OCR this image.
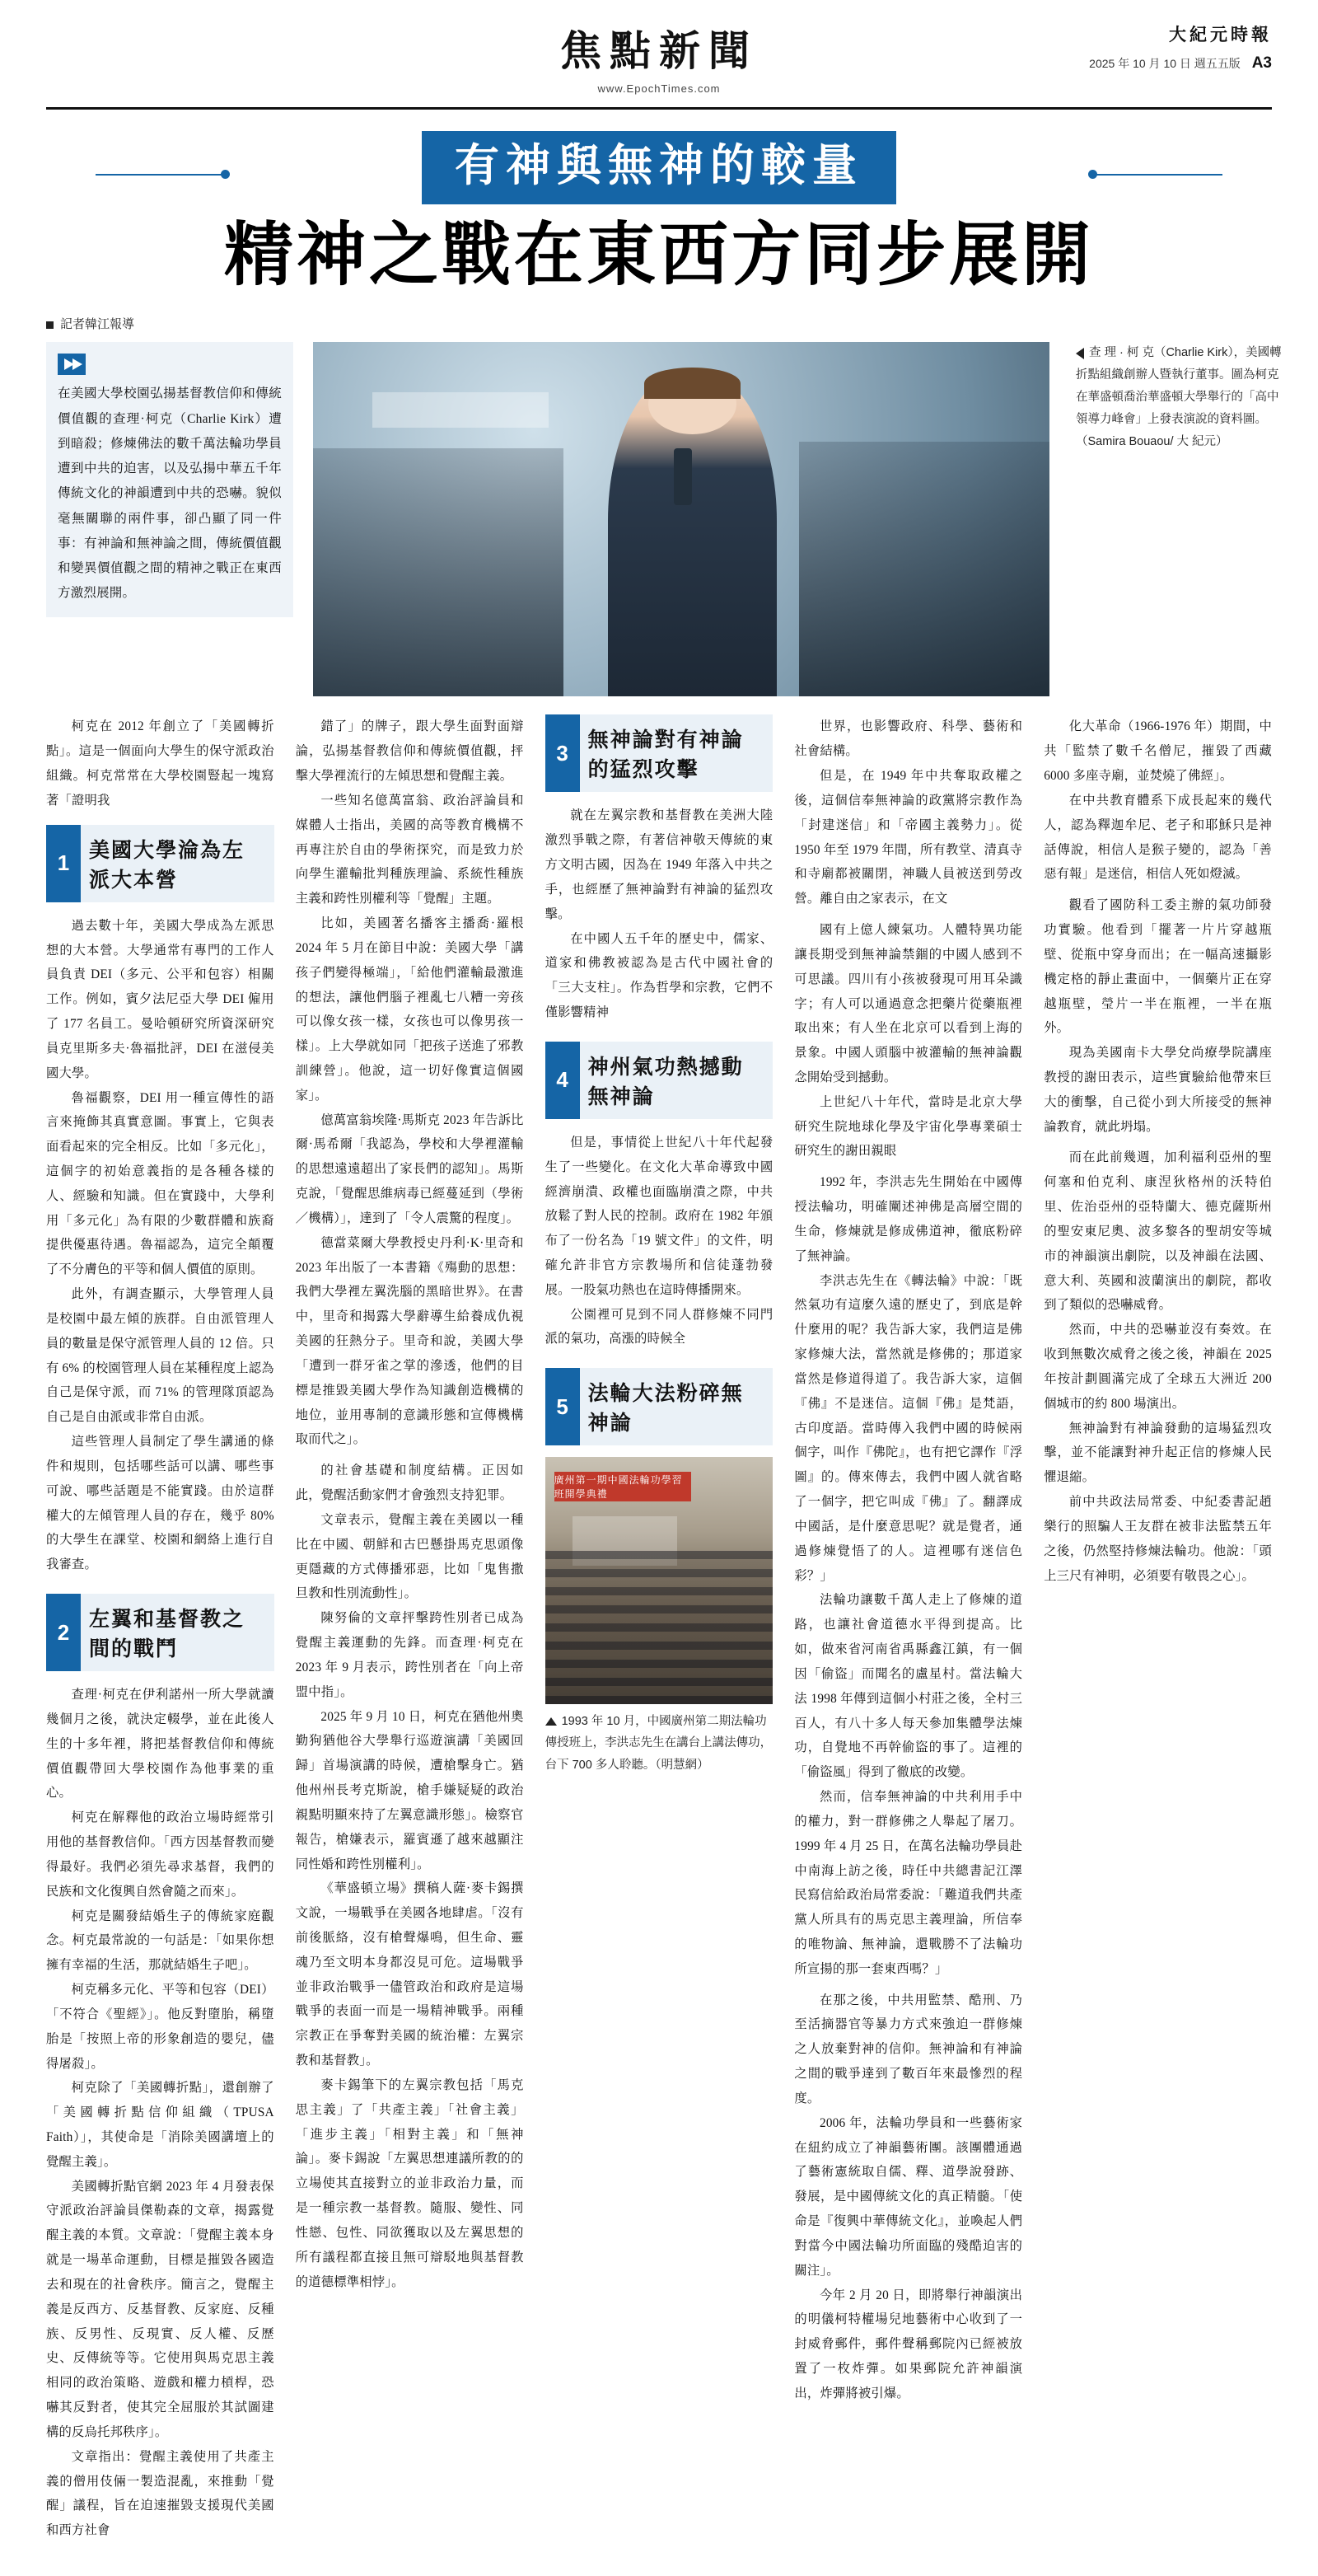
焦點新聞
www.EpochTimes.com
大紀元時報
2025 年 10 月 10 日 週五五版 A3
有神與無神的較量
精神之戰在東西方同步展開
記者韓江報導

在美國大學校園弘揚基督教信仰和傳統價值觀的查理·柯克（Charlie Kirk）遭到暗殺；修煉佛法的數千萬法輪功學員遭到中共的迫害，以及弘揚中華五千年傳統文化的神韻遭到中共的恐嚇。貌似毫無關聯的兩件事，卻凸顯了同一件事：有神論和無神論之間，傳統價值觀和變異價值觀之間的精神之戰正在東西方激烈展開。

查 理 · 柯 克（Charlie Kirk），美國轉折點組織創辦人暨執行董事。圖為柯克在華盛頓喬治華盛頓大學舉行的「高中領導力峰會」上發表演說的資料圖。（Samira Bouaou/ 大 紀元）

柯克在 2012 年創立了「美國轉折點」。這是一個面向大學生的保守派政治組織。柯克常常在大學校園豎起一塊寫著「證明我

1 美國大學淪為左派大本營

過去數十年，美國大學成為左派思想的大本營。大學通常有專門的工作人員負責 DEI（多元、公平和包容）相關工作。例如，賓夕法尼亞大學 DEI 僱用了 177 名員工。曼哈頓研究所資深研究員克里斯多夫·魯福批評，DEI 在滋侵美國大學。

魯福觀察，DEI 用一種宣傳性的語言來掩飾其真實意圖。事實上，它與表面看起來的完全相反。比如「多元化」，這個字的初始意義指的是各種各樣的人、經驗和知識。但在實踐中，大學利用「多元化」為有限的少數群體和族裔提供優惠待遇。魯福認為，這完全顛覆了不分膚色的平等和個人價值的原則。

此外，有調查顯示，大學管理人員是校園中最左傾的族群。自由派管理人員的數量是保守派管理人員的 12 倍。只有 6% 的校園管理人員在某種程度上認為自己是保守派，而 71% 的管理隊頂認為自己是自由派或非常自由派。

這些管理人員制定了學生講通的條件和規則，包括哪些話可以講、哪些事可說、哪些話題是不能實踐。由於這群權大的左傾管理人員的存在，幾乎 80% 的大學生在課堂、校園和網絡上進行自我審查。

2 左翼和基督教之間的戰鬥

查理·柯克在伊利諾州一所大學就讀幾個月之後，就決定輟學，並在此後人生的十多年裡，將把基督教信仰和傳統價值觀帶回大學校園作為他事業的重心。

柯克在解釋他的政治立場時經常引用他的基督教信仰。「西方因基督教而變得最好。我們必須先尋求基督，我們的民族和文化復興自然會隨之而來」。

柯克是關發結婚生子的傳統家庭觀念。柯克最常說的一句話是：「如果你想擁有幸福的生活，那就結婚生子吧」。

柯克稱多元化、平等和包容（DEI）「不符合《聖經》」。他反對墮胎，稱墮胎是「按照上帝的形象創造的嬰兒，儘得屠殺」。

柯克除了「美國轉折點」，還創辦了「美國轉折點信仰組織（TPUSA Faith）」，其使命是「消除美國講壇上的覺醒主義」。

美國轉折點官網 2023 年 4 月發表保守派政治評論員傑勒森的文章，揭露覺醒主義的本質。文章說：「覺醒主義本身就是一場革命運動，目標是摧毀各國造去和現在的社會秩序。簡言之，覺醒主義是反西方、反基督教、反家庭、反種族、反男性、反現實、反人權、反歷史、反傳統等等。它使用與馬克思主義相同的政治策略、遊戲和權力槓桿，恐嚇其反對者，使其完全屈服於其試圖建構的反烏托邦秩序」。

文章指出：覺醒主義使用了共產主義的僧用伎倆一製造混亂，來推動「覺醒」議程，旨在迫速摧毀支援現代美國和西方社會

錯了」的牌子，跟大學生面對面辯論，弘揚基督教信仰和傳統價值觀，抨擊大學裡流行的左傾思想和覺醒主義。

一些知名億萬富翁、政治評論員和媒體人士指出，美國的高等教育機構不再專注於自由的學術探究，而是致力於向學生灌輸批判種族理論、系統性種族主義和跨性別權利等「覺醒」主題。

比如，美國著名播客主播喬·羅根 2024 年 5 月在節目中說：美國大學「講孩子們變得極端」，「給他們灌輸最激進的想法，讓他們腦子裡亂七八糟一旁孩可以像女孩一樣，女孩也可以像男孩一樣」。上大學就如同「把孩子送進了邪教訓練營」。他說，這一切好像實這個國家」。

億萬富翁埃隆·馬斯克 2023 年告訴比爾·馬希爾「我認為，學校和大學裡灌輸的思想遠遠超出了家長們的認知」。馬斯克說，「覺醒思維病毒已經蔓延到（學術／機構）」，達到了「令人震驚的程度」。

德當菜爾大學教授史丹利·K·里奇和 2023 年出版了一本書籍《殤動的思想：我們大學裡左翼洗腦的黑暗世界》。在書中，里奇和揭露大學辭導生給養成仇視美國的狂熱分子。里奇和說，美國大學「遭到一群牙雀之掌的滲透，他們的目標是推毀美國大學作為知識創造機構的地位，並用專制的意識形態和宣傳機構取而代之」。

的社會基礎和制度結構。正因如此，覺醒活動家們才會強烈支持犯罪。

文章表示，覺醒主義在美國以一種比在中國、朝鮮和古巴懸掛馬克思頭像更隱藏的方式傳播邪惡，比如「鬼售撒旦教和性別流動性」。

陳努倫的文章抨擊跨性別者已成為覺醒主義運動的先鋒。而查理·柯克在 2023 年 9 月表示，跨性別者在「向上帝盟中指」。

2025 年 9 月 10 日，柯克在猶他州奧勤狗猶他谷大學舉行巡遊演講「美國回歸」首場演講的時候，遭槍擊身亡。猶他州州長考克斯說，槍手嫌疑疑的政治親點明顯來持了左翼意識形態」。檢察官報告，槍嫌表示，羅賓遜了越來越顯注同性婚和跨性別權利」。

《華盛頓立場》撰稿人薩·麥卡錫撰文說，一場戰爭在美國各地肆虐。「沒有前後脈絡，沒有槍聲爆鳴，但生命、靈魂乃至文明本身都沒見可危。這場戰爭並非政治戰爭一儘管政治和政府是這場戰爭的表面一而是一場精神戰爭。兩種宗教正在爭奪對美國的統治權：左翼宗教和基督教」。

麥卡錫筆下的左翼宗教包括「馬克思主義」了「共產主義」「社會主義」「進步主義」「相對主義」和「無神論」。麥卡錫說「左翼思想連議所教的的立場使其直接對立的並非政治力量，而是一種宗教一基督教。隨服、變性、同性戀、包性、同欲獲取以及左翼思想的所有議程都直接且無可辯駁地與基督教的道德標準相悖」。

3 無神論對有神論的猛烈攻擊

就在左翼宗教和基督教在美洲大陸激烈爭戰之際，有著信神敬天傳統的東方文明古國，因為在 1949 年落入中共之手，也經歷了無神論對有神論的猛烈攻擊。

在中國人五千年的歷史中，儒家、道家和佛教被認為是古代中國社會的「三大支柱」。作為哲學和宗教，它們不僅影響精神

4 神州氣功熱撼動無神論

但是，事情從上世紀八十年代起發生了一些變化。在文化大革命導致中國經濟崩潰、政權也面臨崩潰之際，中共放鬆了對人民的控制。政府在 1982 年頒布了一份名為「19 號文件」的文件，明確允許非官方宗教場所和信徒蓬勃發展。一股氣功熱也在這時傳播開來。

公園裡可見到不同人群修煉不同門派的氣功，高漲的時候全

5 法輪大法粉碎無神論
廣州第一期中國法輪功學習班開學典禮
1993 年 10 月，中國廣州第二期法輪功傳授班上，李洪志先生在講台上講法傳功，台下 700 多人聆聽。（明慧網）

世界，也影響政府、科學、藝術和社會結構。

但是，在 1949 年中共奪取政權之後，這個信奉無神論的政黨將宗教作為「封建迷信」和「帝國主義勢力」。從 1950 年至 1979 年間，所有教堂、清真寺和寺廟都被關閉，神職人員被送到勞改營。離自由之家表示，在文

國有上億人練氣功。人體特異功能讓長期受到無神論禁錮的中國人感到不可思議。四川有小孩被發現可用耳朵識字；有人可以通過意念把藥片從藥瓶裡取出來；有人坐在北京可以看到上海的景象。中國人頭腦中被灌輸的無神論觀念開始受到撼動。

上世紀八十年代，當時是北京大學研究生院地球化學及宇宙化學專業碩士研究生的謝田親眼

1992 年，李洪志先生開始在中國傳授法輪功，明確闡述神佛是高層空間的生命，修煉就是修成佛道神，徹底粉碎了無神論。

李洪志先生在《轉法輪》中說：「既然氣功有這麼久遠的歷史了，到底是幹什麼用的呢？我告訴大家，我們這是佛家修煉大法，當然就是修佛的；那道家當然是修道得道了。我告訴大家，這個『佛』不是迷信。這個『佛』是梵語，古印度語。當時傳入我們中國的時候兩個字，叫作『佛陀』，也有把它譯作『浮圖』的。傳來傳去，我們中國人就省略了一個字，把它叫成『佛』了。翻譯成中國話，是什麼意思呢？就是覺者，通過修煉覺悟了的人。這裡哪有迷信色彩？」

法輪功讓數千萬人走上了修煉的道路，也讓社會道德水平得到提高。比如，做來省河南省禹縣鑫江鎮，有一個因「偷盜」而聞名的盧星村。當法輪大法 1998 年傳到這個小村莊之後，全村三百人，有八十多人每天參加集體學法煉功，自覺地不再幹偷盜的事了。這裡的「偷盜風」得到了徹底的改變。

然而，信奉無神論的中共利用手中的權力，對一群修佛之人舉起了屠刀。1999 年 4 月 25 日，在萬名法輪功學員赴中南海上訪之後，時任中共總書記江澤民寫信給政治局常委說：「難道我們共產黨人所具有的馬克思主義理論，所信奉的唯物論、無神論，還戰勝不了法輪功所宣揚的那一套東西嗎？」

在那之後，中共用監禁、酷刑、乃至活摘器官等暴力方式來強迫一群修煉之人放棄對神的信仰。無神論和有神論之間的戰爭達到了數百年來最慘烈的程度。

2006 年，法輪功學員和一些藝術家在紐約成立了神韻藝術團。該團體通過了藝術憲統取自儒、釋、道學說發跡、發展，是中國傳統文化的真正精髓。「使命是『復興中華傳統文化』，並喚起人們對當今中國法輪功所面臨的殘酷迫害的關注」。

今年 2 月 20 日，即將舉行神韻演出的明儀柯特權場兒地藝術中心收到了一封威脅郵件，郵件聲稱郵院內已經被放置了一枚炸彈。如果郵院允許神韻演出，炸彈將被引爆。

化大革命（1966-1976 年）期間，中共「監禁了數千名僧尼，摧毀了西藏 6000 多座寺廟，並焚燒了佛經」。

在中共教育體系下成長起來的幾代人，認為釋迦牟尼、老子和耶穌只是神話傳說，相信人是猴子變的，認為「善惡有報」是迷信，相信人死如燈滅。

觀看了國防科工委主辦的氣功師發功實驗。他看到「擺著一片片穿越瓶壁、從瓶中穿身而出；在一幅高速攝影機定格的靜止畫面中，一個藥片正在穿越瓶壁，瑩片一半在瓶裡，一半在瓶外。

現為美國南卡大學兌尚療學院講座教授的謝田表示，這些實驗給他帶來巨大的衝擊，自己從小到大所接受的無神論教育，就此坍塌。

而在此前幾週，加利福利亞州的聖何塞和伯克利、康涅狄格州的沃特伯里、佐治亞州的亞特蘭大、德克薩斯州的聖安東尼奧、波多黎各的聖胡安等城市的神韻演出劇院，以及神韻在法國、意大利、英國和波蘭演出的劇院，都收到了類似的恐嚇威脅。

然而，中共的恐嚇並沒有奏效。在收到無數次威脅之後之後，神韻在 2025 年按計劃圓滿完成了全球五大洲近 200 個城市的約 800 場演出。

無神論對有神論發動的這場猛烈攻擊，並不能讓對神升起正信的修煉人民懼退縮。

前中共政法局常委、中紀委書記趙樂行的照騙人王友群在被非法監禁五年之後，仍然堅持修煉法輪功。他說：「頭上三尺有神明，必須要有敬畏之心」。
